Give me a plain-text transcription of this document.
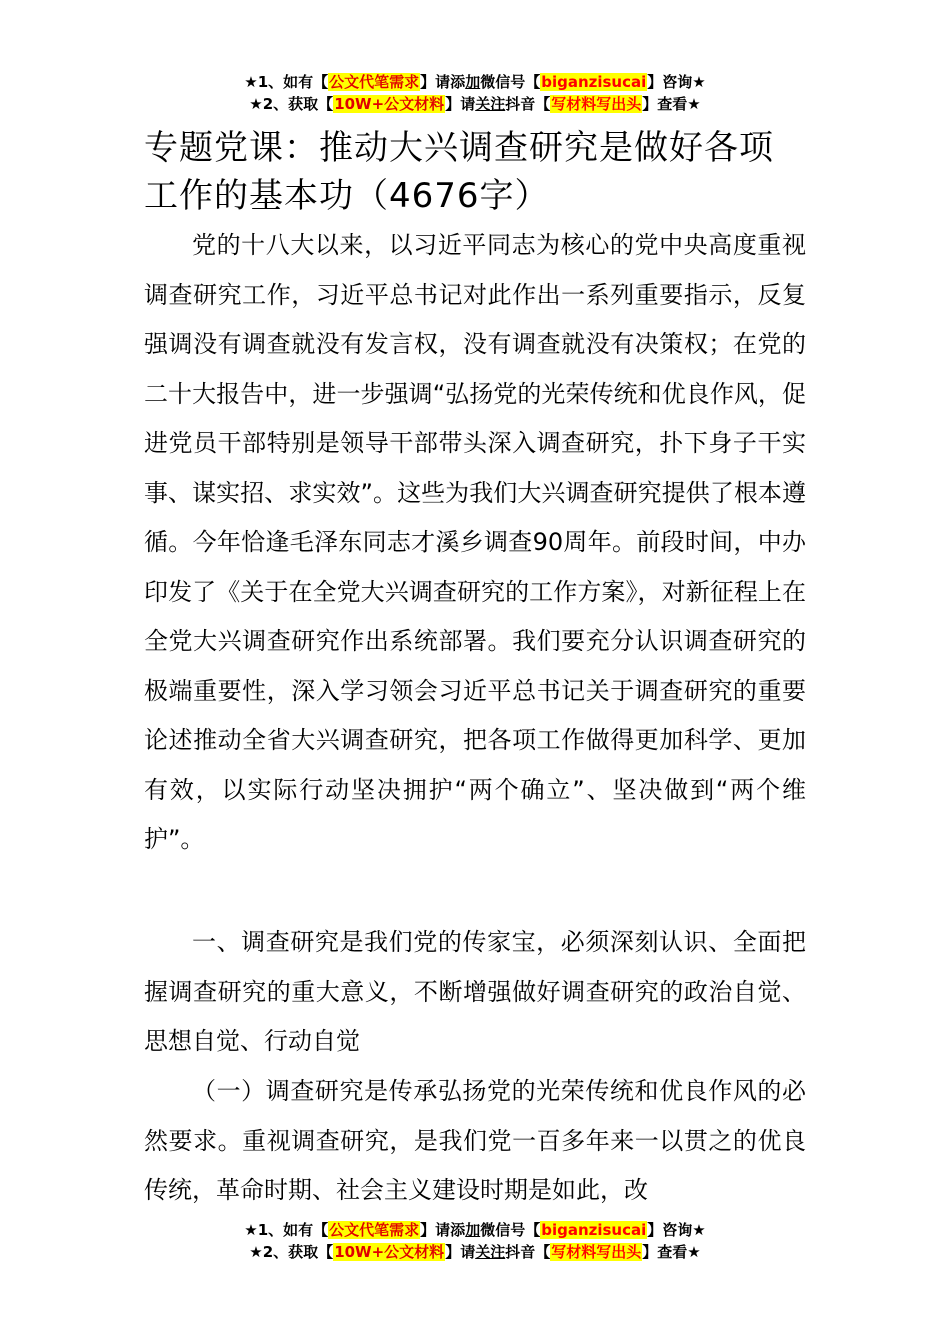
★1、如有【公文代笔需求】请添加微信号【biganzisucai】咨询★
★2、获取【10W+公文材料】请关注抖音【写材料写出头】查看★
专题党课：推动大兴调查研究是做好各项工作的基本功（4676字）

党的十八大以来，以习近平同志为核心的党中央高度重视调查研究工作，习近平总书记对此作出一系列重要指示，反复强调没有调查就没有发言权，没有调查就没有决策权；在党的二十大报告中，进一步强调“弘扬党的光荣传统和优良作风，促进党员干部特别是领导干部带头深入调查研究，扑下身子干实事、谋实招、求实效”。这些为我们大兴调查研究提供了根本遵循。今年恰逢毛泽东同志才溪乡调查90周年。前段时间，中办印发了《关于在全党大兴调查研究的工作方案》，对新征程上在全党大兴调查研究作出系统部署。我们要充分认识调查研究的极端重要性，深入学习领会习近平总书记关于调查研究的重要论述推动全省大兴调查研究，把各项工作做得更加科学、更加有效，以实际行动坚决拥护“两个确立”、坚决做到“两个维护”。

一、调查研究是我们党的传家宝，必须深刻认识、全面把握调查研究的重大意义，不断增强做好调查研究的政治自觉、思想自觉、行动自觉

（一）调查研究是传承弘扬党的光荣传统和优良作风的必然要求。重视调查研究，是我们党一百多年来一以贯之的优良传统，革命时期、社会主义建设时期是如此，改

★1、如有【公文代笔需求】请添加微信号【biganzisucai】咨询★
★2、获取【10W+公文材料】请关注抖音【写材料写出头】查看★
